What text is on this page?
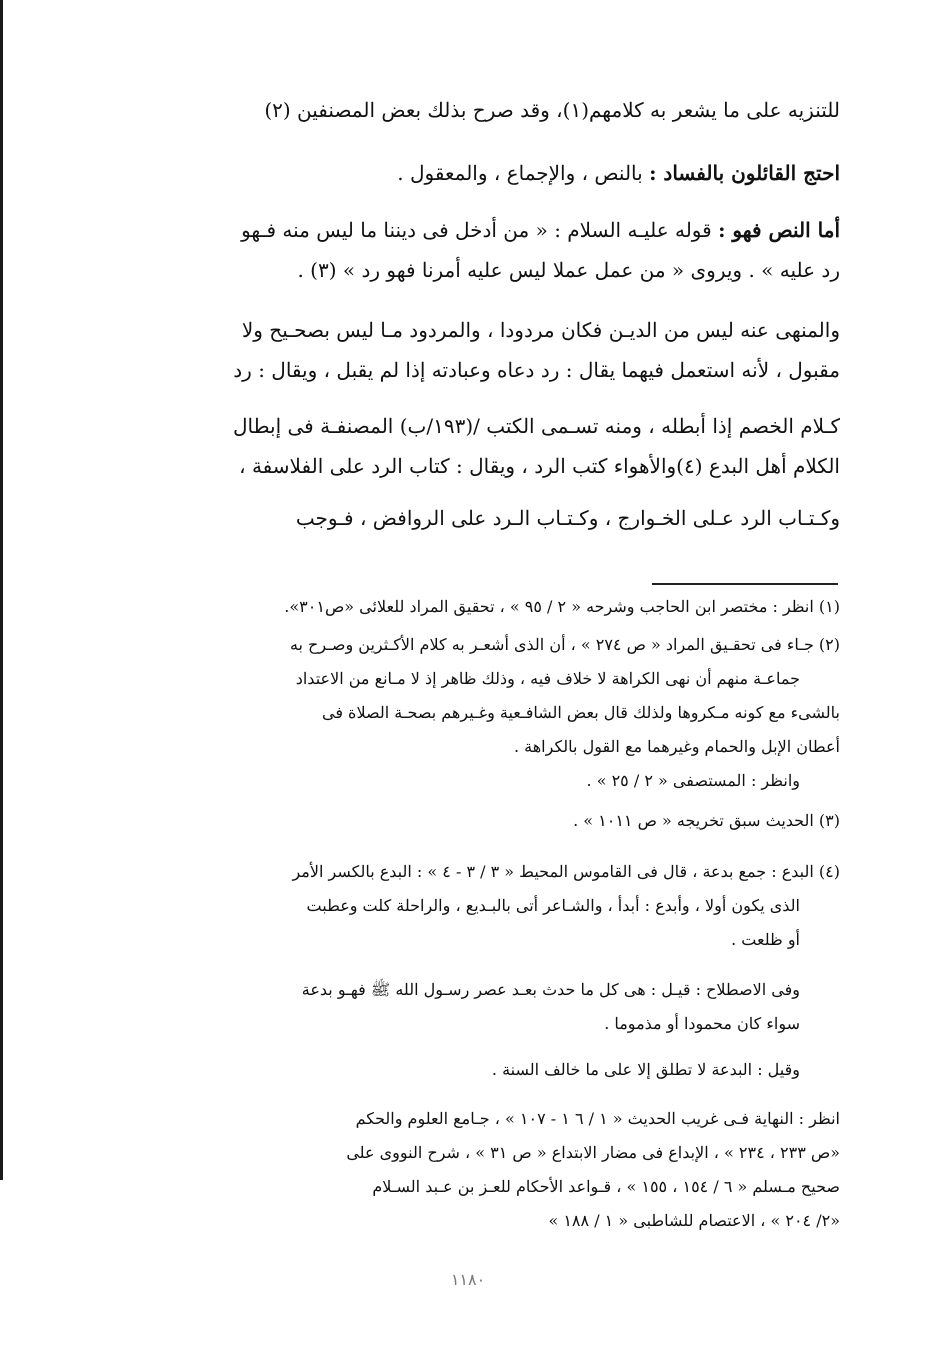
للتنزيه على ما يشعر به كلامهم(١)، وقد صرح بذلك بعض المصنفين (٢)
احتج القائلون بالفساد : بالنص ، والإجماع ، والمعقول .
أما النص فهو : قوله عليـه السلام : « من أدخل فى ديننا ما ليس منه فـهو
رد عليه » . ويروى « من عمل عملا ليس عليه أمرنا فهو رد » (٣) .
والمنهى عنه ليس من الديـن فكان مردودا ، والمردود مـا ليس بصحـيح ولا
مقبول ، لأنه استعمل فيهما يقال : رد دعاه وعبادته إذا لم يقبل ، ويقال : رد
كـلام الخصم إذا أبطله ، ومنه تسـمى الكتب /(١٩٣/ب) المصنفـة فى إبطال
الكلام أهل البدع (٤)والأهواء كتب الرد ، ويقال : كتاب الرد على الفلاسفة ،
وكـتـاب الرد عـلى الخـوارج ، وكـتـاب الـرد على الروافض ، فـوجب
(١) انظر : مختصر ابن الحاجب وشرحه « ٢ / ٩٥ » ، تحقيق المراد للعلائى «ص٣٠١».
(٢) جـاء فى تحقـيق المراد « ص ٢٧٤ » ، أن الذى أشعـر به كلام الأكـثرين وصـرح به
جماعـة منهم أن نهى الكراهة لا خلاف فيه ، وذلك ظاهر إذ لا مـانع من الاعتداد
بالشىء مع كونه مـكروها ولذلك قال بعض الشافـعية وغـيرهم بصحـة الصلاة فى
أعطان الإبل والحمام وغيرهما مع القول بالكراهة .
وانظر : المستصفى « ٢ / ٢٥ » .
(٣) الحديث سبق تخريجه « ص ١٠١١ » .
(٤) البدع : جمع بدعة ، قال فى القاموس المحيط « ٣ / ٣ - ٤ » : البدع بالكسر الأمر
الذى يكون أولا ، وأبدع : أبدأ ، والشـاعر أتى بالبـديع ، والراحلة كلت وعطبت
أو ظلعت .
وفى الاصطلاح : قيـل : هى كل ما حدث بعـد عصر رسـول الله ﷺ فهـو بدعة
سواء كان محمودا أو مذموما .
وقيل : البدعة لا تطلق إلا على ما خالف السنة .
انظر : النهاية فـى غريب الحديث « ١ / ٦ ١ - ١٠٧ » ، جـامع العلوم والحكم
«ص ٢٣٣ ، ٢٣٤ » ، الإبداع فى مضار الابتداع « ص ٣١ » ، شرح النووى على
صحيح مـسلم « ٦ / ١٥٤ ، ١٥٥ » ، قـواعد الأحكام للعـز بن عـبد السـلام
«٢/ ٢٠٤ » ، الاعتصام للشاطبى « ١ / ١٨٨ »
١١٨٠
